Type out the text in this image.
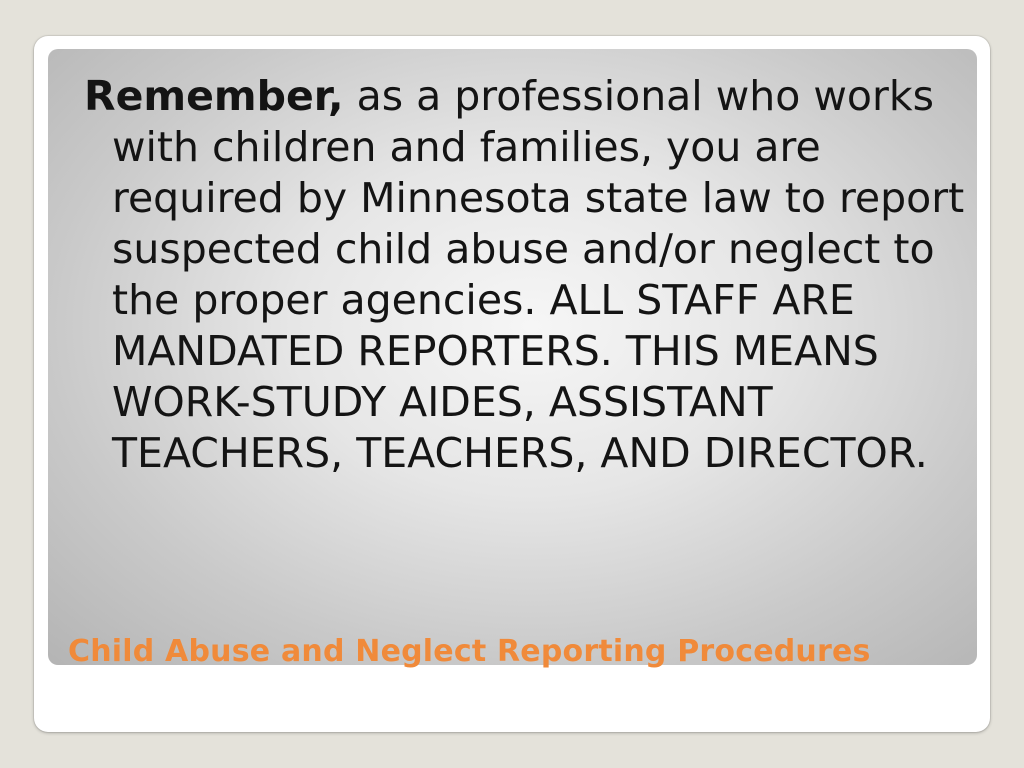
Remember, as a professional who works with children and families, you are required by Minnesota state law to report suspected child abuse and/or neglect to the proper agencies. ALL STAFF ARE MANDATED REPORTERS. THIS MEANS WORK-STUDY AIDES, ASSISTANT TEACHERS, TEACHERS, AND DIRECTOR.

Child Abuse and Neglect Reporting Procedures
